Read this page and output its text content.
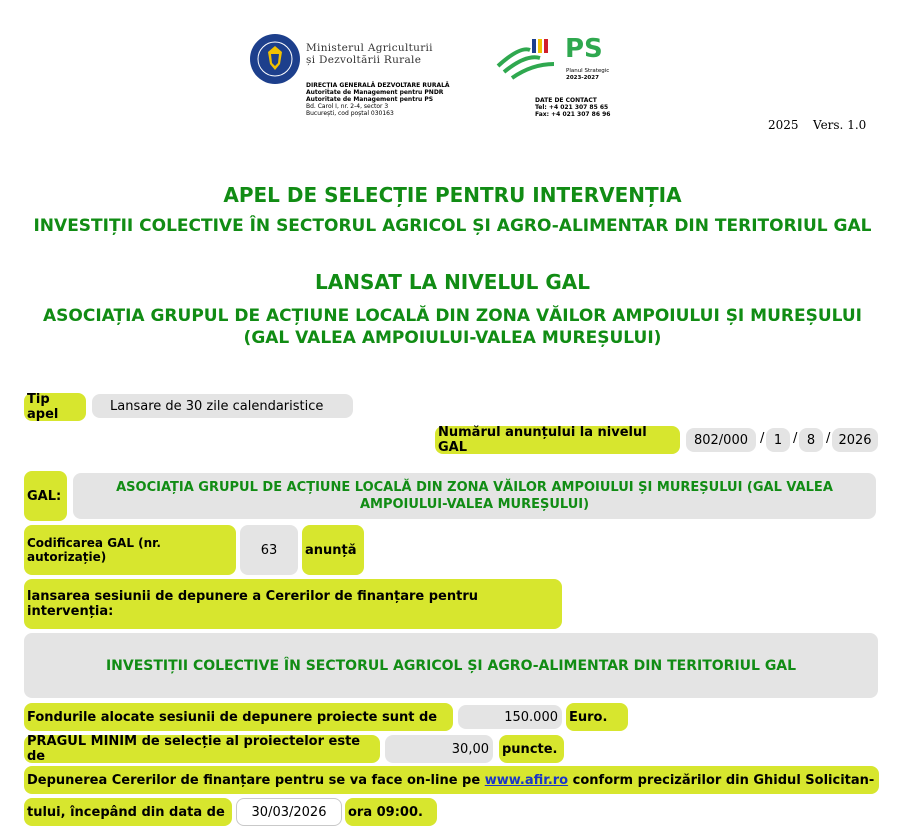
Ministerul Agriculturii
și Dezvoltării Rurale
DIRECȚIA GENERALĂ DEZVOLTARE RURALĂ
Autoritate de Management pentru PNDR
Autoritate de Management pentru PS
Bd. Carol I, nr. 2-4, sector 3
București, cod poștal 030163
PS
Planul Strategic
2023-2027
DATE DE CONTACT
Tel: +4 021 307 85 65
Fax: +4 021 307 86 96
2025 Vers. 1.0
APEL DE SELECȚIE PENTRU INTERVENȚIA
INVESTIȚII COLECTIVE ÎN SECTORUL AGRICOL ȘI AGRO-ALIMENTAR DIN TERITORIUL GAL
LANSAT LA NIVELUL GAL
ASOCIAȚIA GRUPUL DE ACȚIUNE LOCALĂ DIN ZONA VĂILOR AMPOIULUI ȘI MUREȘULUI (GAL VALEA AMPOIULUI-VALEA MUREȘULUI)
Tip apel
Lansare de 30 zile calendaristice
Numărul anunțului la nivelul GAL	802/000 / 1 / 8 / 2026
GAL:
ASOCIAȚIA GRUPUL DE ACȚIUNE LOCALĂ DIN ZONA VĂILOR AMPOIULUI ȘI MUREȘULUI (GAL VALEA AMPOIULUI-VALEA MUREȘULUI)
Codificarea GAL (nr. autorizație)	63	anunță
lansarea sesiunii de depunere a Cererilor de finanțare pentru intervenția:
INVESTIȚII COLECTIVE ÎN SECTORUL AGRICOL ȘI AGRO-ALIMENTAR DIN TERITORIUL GAL
Fondurile alocate sesiunii de depunere proiecte sunt de	150.000 Euro.
PRAGUL MINIM de selecție al proiectelor este de	30,00	puncte.
Depunerea Cererilor de finanțare pentru se va face on-line pe
www.afir.ro
conform precizărilor din Ghidul Solicitan-
tului, începând din data de	30/03/2026	ora 09:00.
